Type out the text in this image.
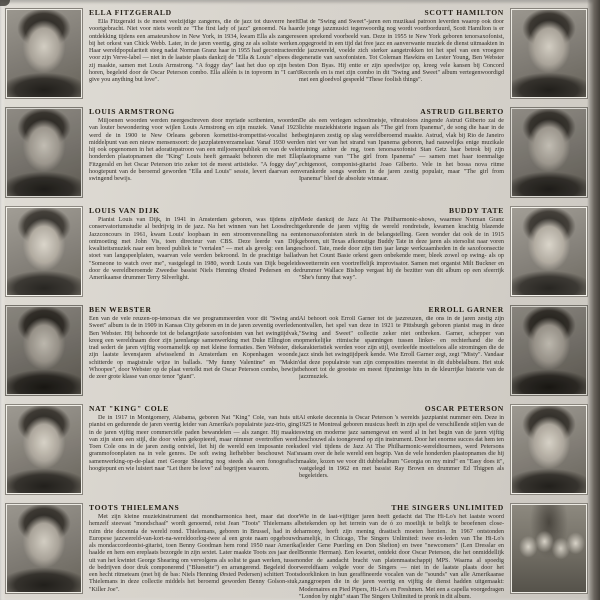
ELLA FITZGERALD

Ella Fitzgerald is de meest veelzijdige zangeres, die de jazz tot dusverre heeft voortgebracht. Niet voor niets wordt ze "The first lady of jazz" genoemd. Na haar ontdekking tijdens een amateurshow in New York, in 1934, kwam Ella als zangeres bij het orkest van Chick Webb. Later, in de jaren veertig, ging ze als soliste werken. Haar wereldpopulariteit steeg nadat Norman Granz haar in 1955 had gecontracteerd voor zijn Verve-label — niet in de laatste plaats dankzij de "Ella & Louis" elpees die zij maakte, samen met Louis Armstrong. "A foggy day" laat het duo op zijn best horen, begeleid door de Oscar Peterson combo. Ella alléén is in topvorm in "I can't give you anything but love".

LOUIS ARMSTRONG

Miljoenen woorden werden neergeschreven door myriade scribenten, woorden van louter bewondering voor wijlen Louis Armstrong en zijn muziek. Vanaf 1923 werd de in 1900 te New Orleans geboren kornettist-trompettist-vocalist het middelpunt van een nieuw mensensoort: de jazzplatenverzamelaar. Vanaf 1930 werd hij ook opgenomen in het adoratiepatroon van een miljoenenpubliek en van de vele honderden plaatopnamen die "King" Louis heeft gemaakt behoren die met Ella Fitzgerald en het Oscar Peterson trio zeker tot de meest artistieke. "A foggy day", hoogtepunt van de beroemd geworden "Ella and Louis" sessie, levert daarvan een swingend bewijs.

LOUIS VAN DIJK

Pianist Louis van Dijk, in 1941 in Amsterdam geboren, was tijdens zijn conservatoriumstudie al bedrijvig in de jazz. Na het winnen van het Loosdrecht Jazzconcours in 1961, kwam Louis' loopbaan in een stroomversnelling na een ontmoeting met John Vis, toen directeur van CBS. Deze leerde van Dijk kwaliteitsmuziek naar een breed publiek te "vertalen" — met als gevolg: een lange stoet van langspeelplaten, waarvan vele werden bekroond. In de prachtige ballad "Someone to watch over me", vastgelegd in 1980, wordt Louis van Dijk begeleid door de wereldberoemde Zweedse bassist Niels Henning Ørsted Pedersen en de Amerikaanse drummer Terry Silverlight.

BEN WEBSTER

Een van de vele reuzen-op-tenorsax die we programmeerden voor dit "Swing and Sweet" album is de in 1909 in Kansas City geboren en in de jaren zeventig overleden Ben Webster. Hij behoorde tot de belangrijkste saxofonisten van het swingtijdvak, kreeg een wereldnaam door zijn jarenlange samenwerking met Duke Ellington en trad sedert de jaren vijftig voornamelijk op met kleine formaties. Ben Webster, die zijn laatste levensjaren afwisselend in Amsterdam en Kopenhagen woonde, schitterde op magistrale wijze in ballads. "My funny Valentine" en "Makin' Whoopee", door Webster op de plaat vertolkt met de Oscar Peterson combo, bewijst de zeer grote klasse van onze tenor "giant".

NAT "KING" COLE

De in 1917 in Montgomery, Alabama, geboren Nat "King" Cole, van huis uit pianist en gedurende de jaren veertig leider van Amerika's populairste jazz-trio, ging in de jaren vijftig meer commerciële paden bewandelen — als zanger. Hij maakte van zijn stem een stijl, die door velen gekopieerd, maar nimmer overtroffen werd. Toen Cole ons in de jaren zestig ontviel, liet hij de wereld een imposante reeks grammofoonplaten na in vele genres. De soft swing liefhebber beschouwt Nat's samenwerking-op-de-plaat met George Shearing nog steeds als een fonografisch hoogtepunt en wie luistert naar "Let there be love" zal begrijpen waarom.

TOOTS THIELEMANS

Met zijn kleine muziekinstrument dat mondharmonica heet, maar dat door hemzelf steevast "mondschaaf" wordt genoemd, reist Jean "Toots" Thielemans al ruim drie decennia de wereld rond. Thielemans, geboren in Brussel, had in de Europese jazzwereld-van-kort-na-wereldoorlog-twee al een grote naam opgebouwd als mondaccordeonist-gitarist, toen Benny Goodman hem rond 1950 naar Amerika haalde en hem een ereplaats bezorgde in zijn sextet. Later maakte Toots zes jaar deel uit van het kwintet George Shearing om vervolgens als solist te gaan werken, tussen de bedrijven door druk componerend ("Bluesette") en arrangerend. Begeleid door een hecht ritmeteam (met bij de bas: Niels Henning Ørsted Pedersen) schittert Toots Thielemans in deze collectie middels het beroemd geworden Benny Golson-stuk, "Killer Joe".

SCOTT HAMILTON

Dat de "Swing and Sweet"-jaren een muzikaal patroon leverden waarop ook door de jonge jazzmusici tegenwoordig nog wordt voortborduurd, Scott Hamilton is er een sprekend voorbeeld van. Deze in 1955 te New York geboren tenorsaxofonist, opgegroeid in een tijd dat free jazz en aanverwante muziek de dienst uitmaakten in de jazzwereld, voelde zich sterker aangetrokken tot het spel van een vroegere generatie van saxofonisten. Tot Coleman Hawkins en Lester Young, Ben Webster en Don Byas. Hij entte er zijn speelwijze op, kreeg vele kansen bij Concord Records en is met zijn combo in dit "Swing and Sweet" album vertegenwoordigd met een gloedvol gespeeld "These foolish things".

ASTRUD GILBERTO

De als een verlegen schoolmeisje, vibratoloos zingende Astrud Gilberto zal de lichte muziekhistorie ingaan als "The girl from Ipanema", de song die haar in de beginjaren zestig op slag wereldberoemd maakte. Astrud, vlak bij Rio de Janeiro en niet ver van het strand van Ipanema geboren, had nauwelijks enige muzikale training achter de rug, toen tenorsaxofonist Stan Getz haar betrok bij zijn plaatopname van "The girl from Ipanema" — samen met haar toenmalige echtgenoot, componist-gitarist Joao Gilberto. Vele in het bossa nova ritme verankerde songs werden in de jaren zestig populair, maar "The girl from Ipanema" bleef de absolute winnaar.

BUDDY TATE

Mede dankzij de Jazz At The Philharmonic-shows, waarmee Norman Granz gedurende de jaren vijftig de wereld rondreisde, kwamen krachtig blazende tenorsaxofonisten sterk in de belangstelling. Geen wonder dat ook de in 1915 geboren, uit Texas afkomstige Buddy Tate in deze jaren als stersolist naar voren schoof. Tate, mede door zijn tien jaar lange werkzaamheden in de saxofoonsectie van het Count Basie orkest geen onbekende meer, bleek zowel op swing- als op sweetterrein een voortreffelijk improvisator. Samen met organist Milt Buckner en drummer Wallace Bishop vergast hij de bezitter van dit album op een sfeerrijk "She's funny that way".

ERROLL GARNER

Al behoort ook Erroll Garner tot de jazzreuzen, die ons in de jaren zestig zijn ontvallen, het spel van deze in 1921 te Pittsburgh geboren pianist mag in deze "Swing and Sweet" collectie zeker niet ontbreken. Garner, schepper van opmerkelijke ritmische spanningen tussen linker- en rechterhand die de karakteristiek werden voor zijn stijl, overleefde moeiteloos alle stromingen die de jazz sinds het swingtijdperk kende. Wie Erroll Garner zegt, zegt "Misty". Vandaar dat deze populairste van zijn composities meereist in dit dubbelalbum. Het stuk behoort tot de grootste en meest fijnzinnige hits in de kleurrijke historie van de jazzmuziek.

OSCAR PETERSON

Al enkele decennia is Oscar Peterson 's werelds jazzpianist nummer één. Deze in 1925 te Montreal geboren musicus heeft in zijn spel de verschillende stijlen van de swing en moderne jazz samengevat en werd al in het begin van de jaren vijftig beschouwd als toongevend op zijn instrument. Door het enorme succes dat hem ten deel viel tijdens de Jazz At The Philharmonic-wereldtournees, werd Petersons naam over de hele wereld een begrip. Van de vele honderden plaatopnames die hij maakte, kozen we voor dit dubbelalbum "Georgia on my mind" en "Easy does it", vastgelegd in 1962 en met bassist Ray Brown en drummer Ed Thigpen als begeleiders.

THE SINGERS UNLIMITED

Wie in de laat-vijftiger jaren heeft gedacht dat The Hi-Lo's het laatste woord betekenden op het terrein van de ó zo moeilijk te belijk te beoefenen close-harmony, heeft zijn mening drastisch moeten herzien. In 1967 ontstonden namelijk, in Chicago, The Singers Unlimited: twee ex-leden van The Hi-Lo's (leider Gene Puerling en Don Shelton) en twee "newcomers" (Len Dresslar en Bonnie Herman). Een kwartet, ontdekt door Oscar Peterson, die het onmiddellijk onder de aandacht bracht van platenmaatschappij MPS. Waarna al spoedig wereldfaam volgde voor de Singers — niet in de laatste plaats door het doorklinken in hun geraffineerde vocalen van de "sounds" van alle Amerikaanse zanggroepen die in de jaren veertig en vijftig de dienst hadden uitgemaakt: Modernaires en Pied Pipers, Hi-Lo's en Freshmen. Met een a capella voorgedragen "London by night" staan The Singers Unlimited te pronk in dit album.
